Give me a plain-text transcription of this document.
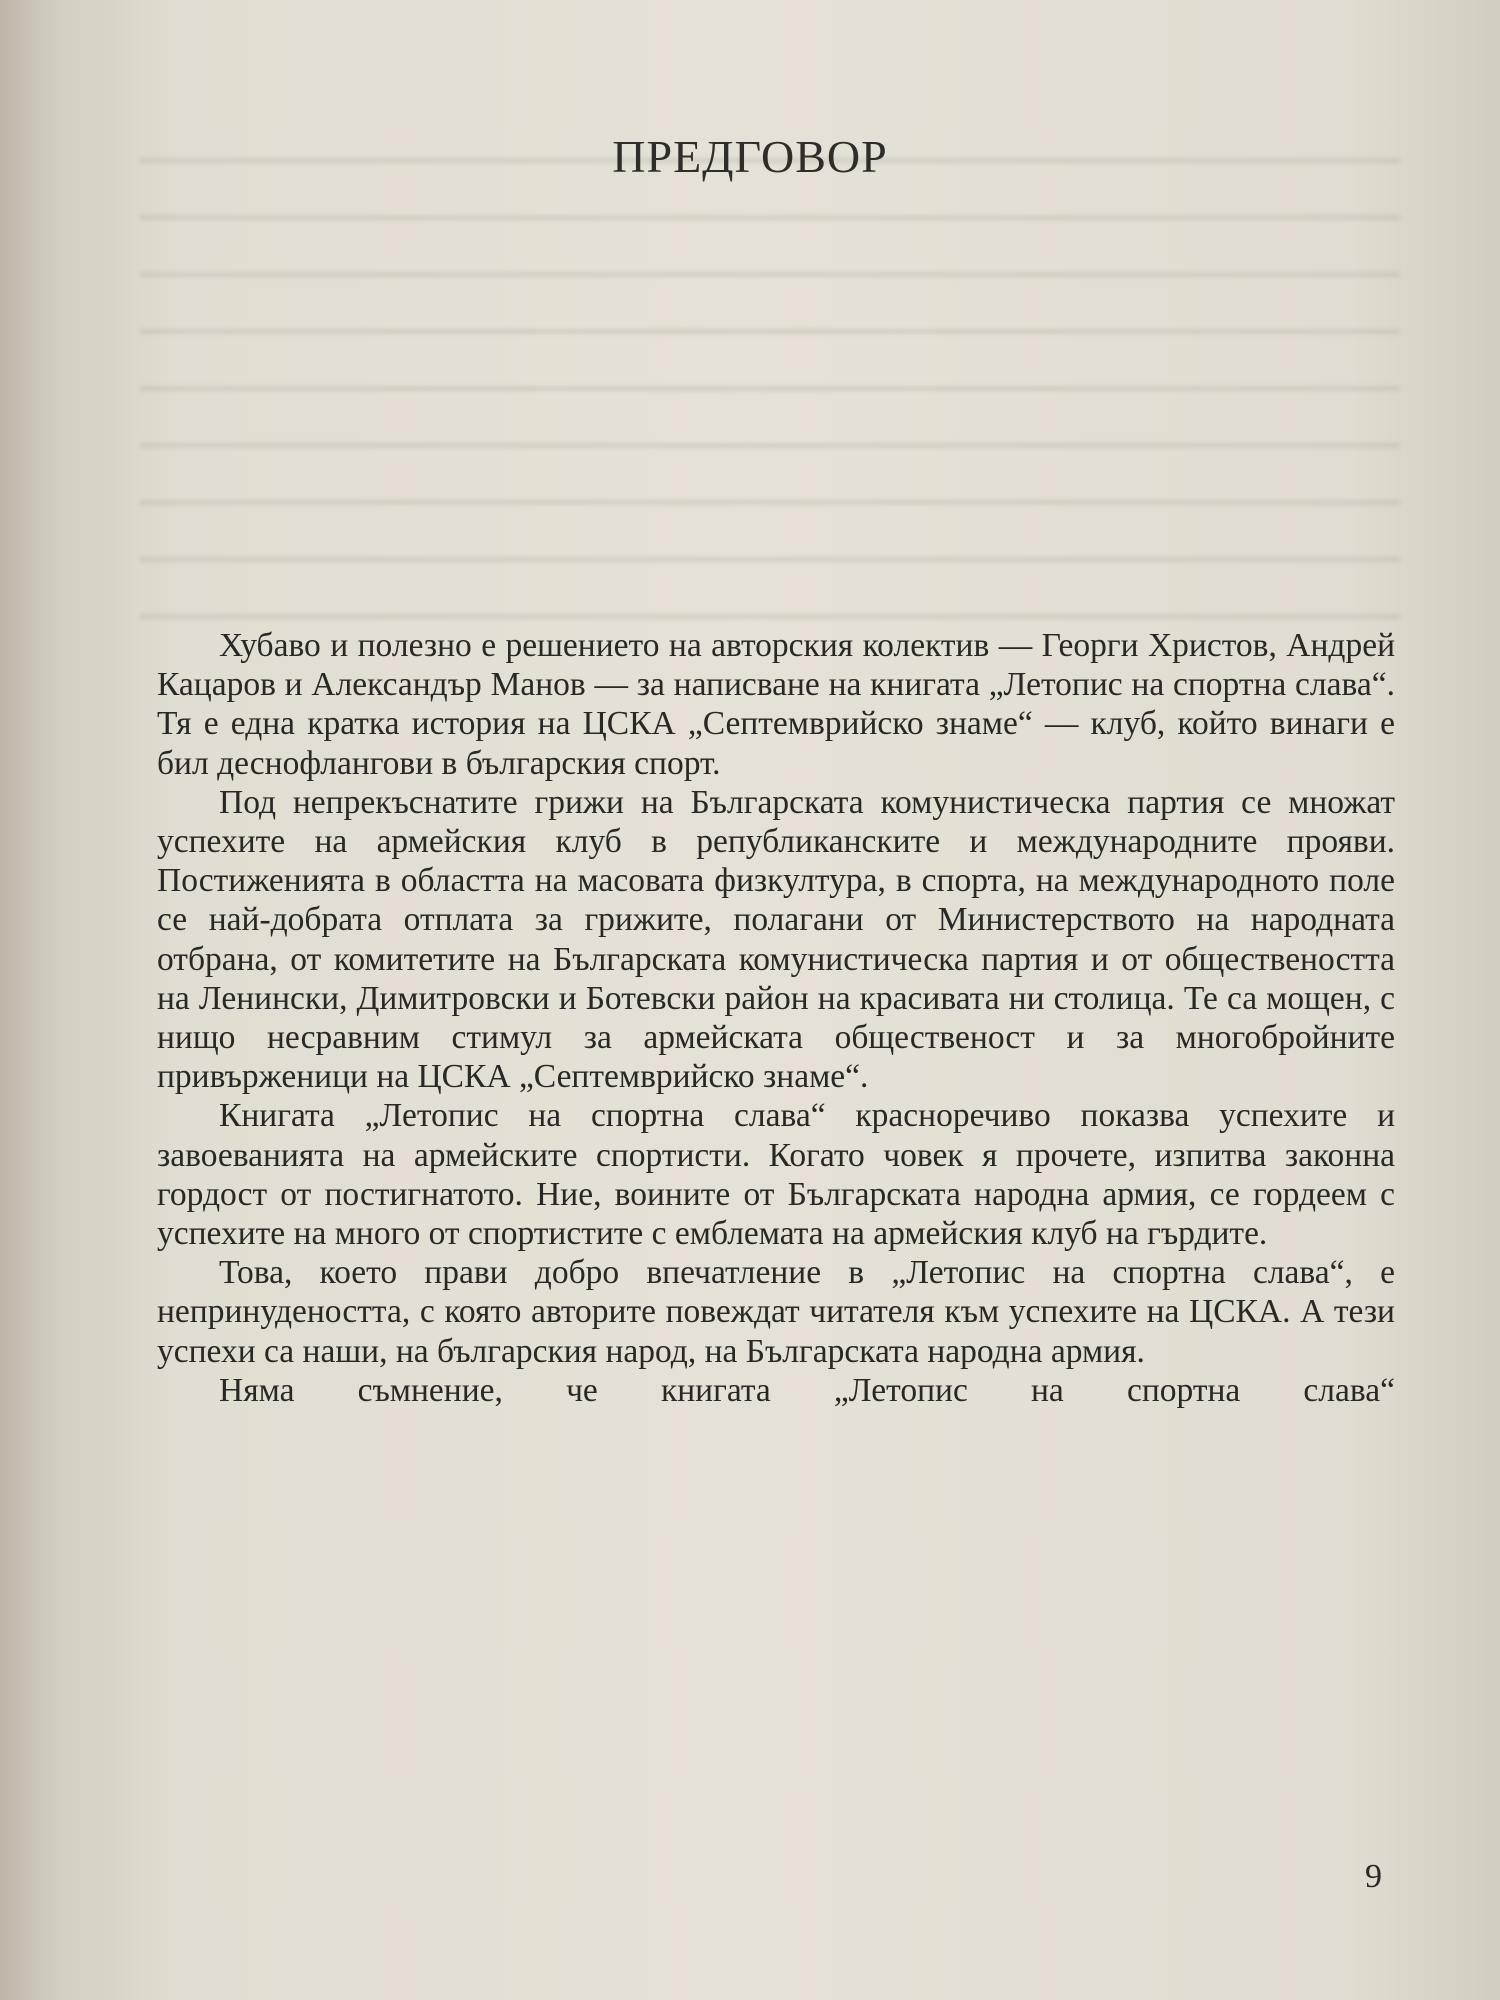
ПРЕДГОВОР

Хубаво и полезно е решението на авторския колектив — Георги Христов, Андрей Кацаров и Александър Манов — за написване на книгата „Летопис на спортна слава“. Тя е една кратка история на ЦСКА „Септемврийско знаме“ — клуб, който винаги е бил деснофлангови в българския спорт.

Под непрекъснатите грижи на Българската комунистическа партия се множат успехите на армейския клуб в републиканските и международните прояви. Постиженията в областта на масовата физкултура, в спорта, на международното поле се най-добрата отплата за грижите, полагани от Министерството на народната отбрана, от комитетите на Българската комунистическа партия и от обществеността на Ленински, Димитровски и Ботевски район на красивата ни столица. Те са мощен, с нищо несравним стимул за армейската общественост и за многобройните привърженици на ЦСКА „Септемврийско знаме“.

Книгата „Летопис на спортна слава“ красноречиво показва успехите и завоеванията на армейските спортисти. Когато човек я прочете, изпитва законна гордост от постигнатото. Ние, воините от Българската народна армия, се гордеем с успехите на много от спортистите с емблемата на армейския клуб на гърдите.

Това, което прави добро впечатление в „Летопис на спортна слава“, е непринудеността, с която авторите повеждат читателя към успехите на ЦСКА. А тези успехи са наши, на българския народ, на Българската народна армия.

Няма съмнение, че книгата „Летопис на спортна слава“

9
